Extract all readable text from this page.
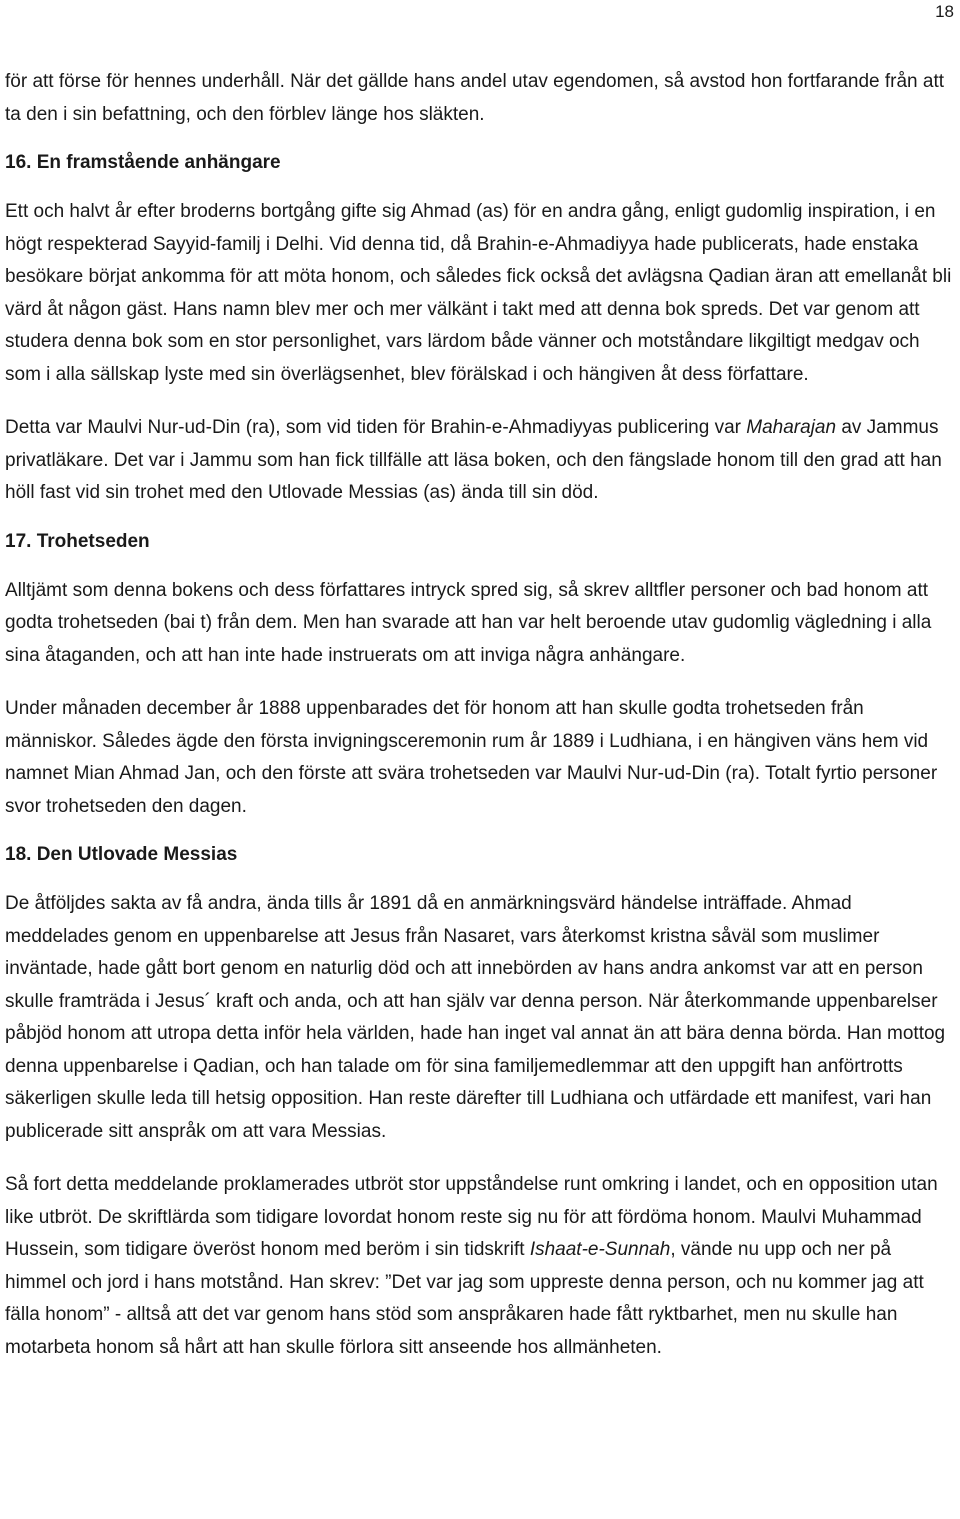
18

för att förse för hennes underhåll. När det gällde hans andel utav egendomen, så avstod hon fortfarande från att ta den i sin befattning, och den förblev länge hos släkten.

16. En framstående anhängare

Ett och halvt år efter broderns bortgång gifte sig Ahmad (as) för en andra gång, enligt gudomlig inspiration, i en högt respekterad Sayyid-familj i Delhi. Vid denna tid, då Brahin-e-Ahmadiyya hade publicerats, hade enstaka besökare börjat ankomma för att möta honom, och således fick också det avlägsna Qadian äran att emellanåt bli värd åt någon gäst. Hans namn blev mer och mer välkänt i takt med att denna bok spreds. Det var genom att studera denna bok som en stor personlighet, vars lärdom både vänner och motståndare likgiltigt medgav och som i alla sällskap lyste med sin överlägsenhet, blev förälskad i och hängiven åt dess författare.

Detta var Maulvi Nur-ud-Din (ra), som vid tiden för Brahin-e-Ahmadiyyas publicering var Maharajan av Jammus privatläkare. Det var i Jammu som han fick tillfälle att läsa boken, och den fängslade honom till den grad att han höll fast vid sin trohet med den Utlovade Messias (as) ända till sin död.

17. Trohetseden

Alltjämt som denna bokens och dess författares intryck spred sig, så skrev alltfler personer och bad honom att godta trohetseden (bai t) från dem. Men han svarade att han var helt beroende utav gudomlig vägledning i alla sina åtaganden, och att han inte hade instruerats om att inviga några anhängare.

Under månaden december år 1888 uppenbarades det för honom att han skulle godta trohetseden från människor. Således ägde den första invigningsceremonin rum år 1889 i Ludhiana, i en hängiven väns hem vid namnet Mian Ahmad Jan, och den förste att svära trohetseden var Maulvi Nur-ud-Din (ra). Totalt fyrtio personer svor trohetseden den dagen.

18. Den Utlovade Messias

De åtföljdes sakta av få andra, ända tills år 1891 då en anmärkningsvärd händelse inträffade. Ahmad meddelades genom en uppenbarelse att Jesus från Nasaret, vars återkomst kristna såväl som muslimer inväntade, hade gått bort genom en naturlig död och att innebörden av hans andra ankomst var att en person skulle framträda i Jesus´ kraft och anda, och att han själv var denna person. När återkommande uppenbarelser påbjöd honom att utropa detta inför hela världen, hade han inget val annat än att bära denna börda. Han mottog denna uppenbarelse i Qadian, och han talade om för sina familjemedlemmar att den uppgift han anförtrotts säkerligen skulle leda till hetsig opposition. Han reste därefter till Ludhiana och utfärdade ett manifest, vari han publicerade sitt anspråk om att vara Messias.

Så fort detta meddelande proklamerades utbröt stor uppståndelse runt omkring i landet, och en opposition utan like utbröt. De skriftlärda som tidigare lovordat honom reste sig nu för att fördöma honom. Maulvi Muhammad Hussein, som tidigare överöst honom med beröm i sin tidskrift Ishaat-e-Sunnah, vände nu upp och ner på himmel och jord i hans motstånd. Han skrev: ”Det var jag som uppreste denna person, och nu kommer jag att fälla honom” - alltså att det var genom hans stöd som anspråkaren hade fått ryktbarhet, men nu skulle han motarbeta honom så hårt att han skulle förlora sitt anseende hos allmänheten.
